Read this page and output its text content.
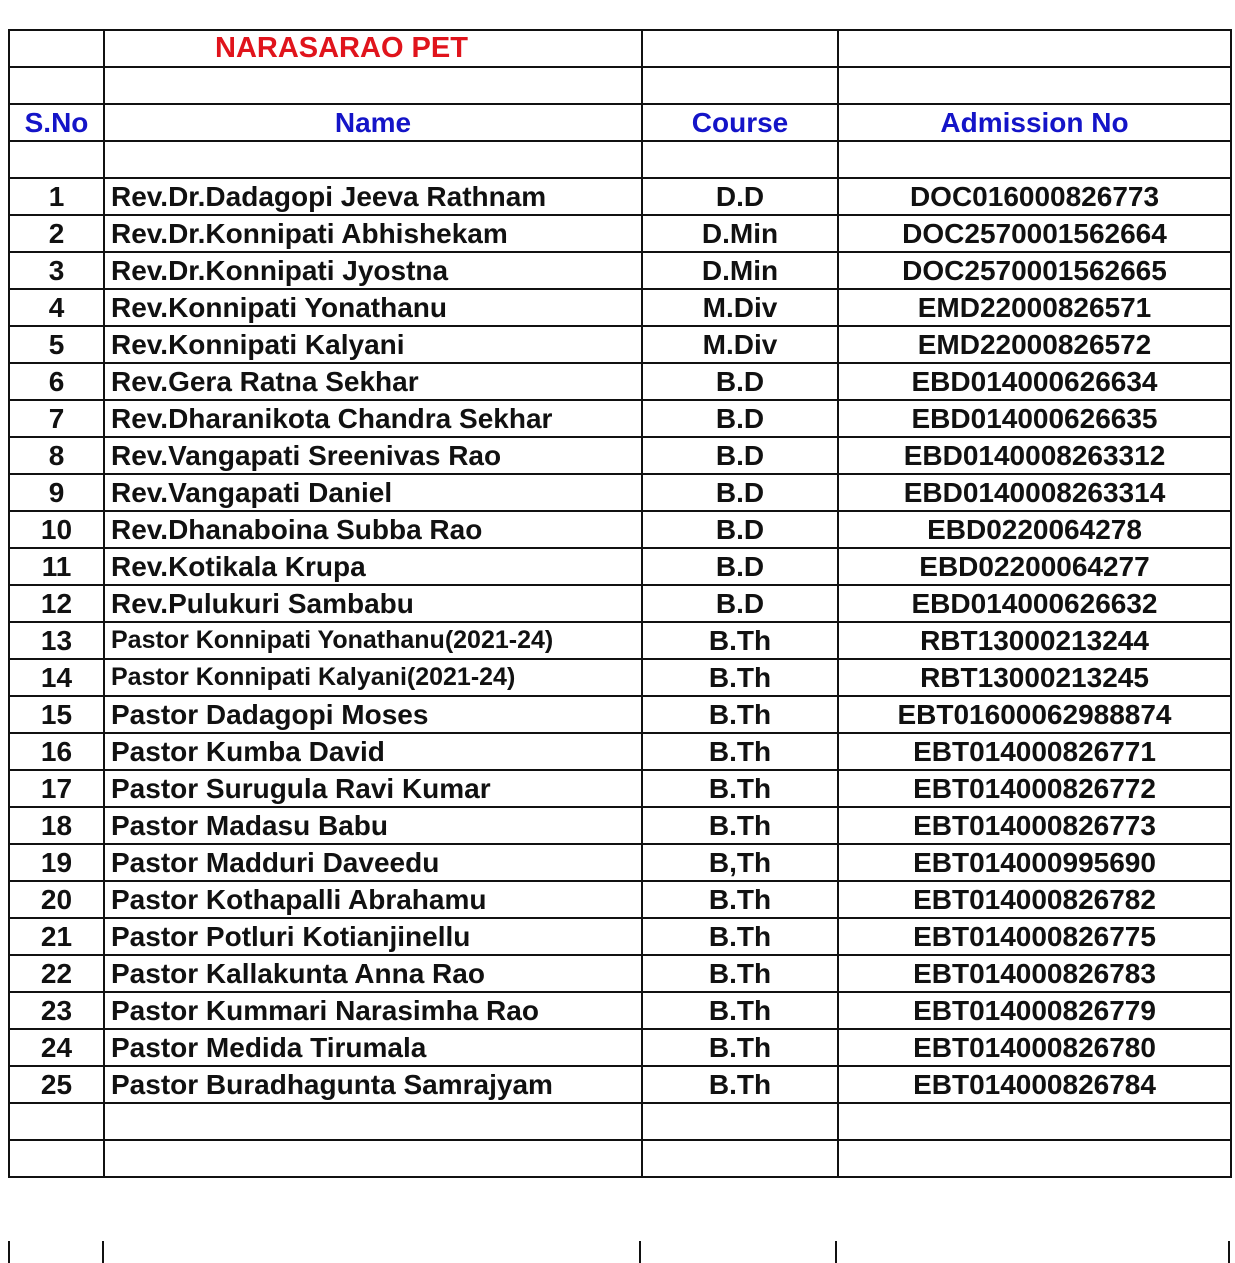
	NARASARAO PET		

S.No	Name	Course	Admission No

1	Rev.Dr.Dadagopi Jeeva Rathnam	D.D	DOC016000826773
2	Rev.Dr.Konnipati Abhishekam	D.Min	DOC2570001562664
3	Rev.Dr.Konnipati Jyostna	D.Min	DOC2570001562665
4	Rev.Konnipati Yonathanu	M.Div	EMD22000826571
5	Rev.Konnipati Kalyani	M.Div	EMD22000826572
6	Rev.Gera Ratna Sekhar	B.D	EBD014000626634
7	Rev.Dharanikota Chandra Sekhar	B.D	EBD014000626635
8	Rev.Vangapati Sreenivas Rao	B.D	EBD0140008263312
9	Rev.Vangapati Daniel	B.D	EBD0140008263314
10	Rev.Dhanaboina Subba Rao	B.D	EBD0220064278
11	Rev.Kotikala Krupa	B.D	EBD02200064277
12	Rev.Pulukuri Sambabu	B.D	EBD014000626632
13	Pastor Konnipati Yonathanu(2021-24)	B.Th	RBT13000213244
14	Pastor Konnipati Kalyani(2021-24)	B.Th	RBT13000213245
15	Pastor Dadagopi Moses	B.Th	EBT01600062988874
16	Pastor Kumba David	B.Th	EBT014000826771
17	Pastor Surugula Ravi Kumar	B.Th	EBT014000826772
18	Pastor Madasu Babu	B.Th	EBT014000826773
19	Pastor Madduri Daveedu	B,Th	EBT014000995690
20	Pastor Kothapalli Abrahamu	B.Th	EBT014000826782
21	Pastor Potluri Kotianjinellu	B.Th	EBT014000826775
22	Pastor Kallakunta Anna Rao	B.Th	EBT014000826783
23	Pastor Kummari Narasimha Rao	B.Th	EBT014000826779
24	Pastor Medida Tirumala	B.Th	EBT014000826780
25	Pastor Buradhagunta Samrajyam	B.Th	EBT014000826784
